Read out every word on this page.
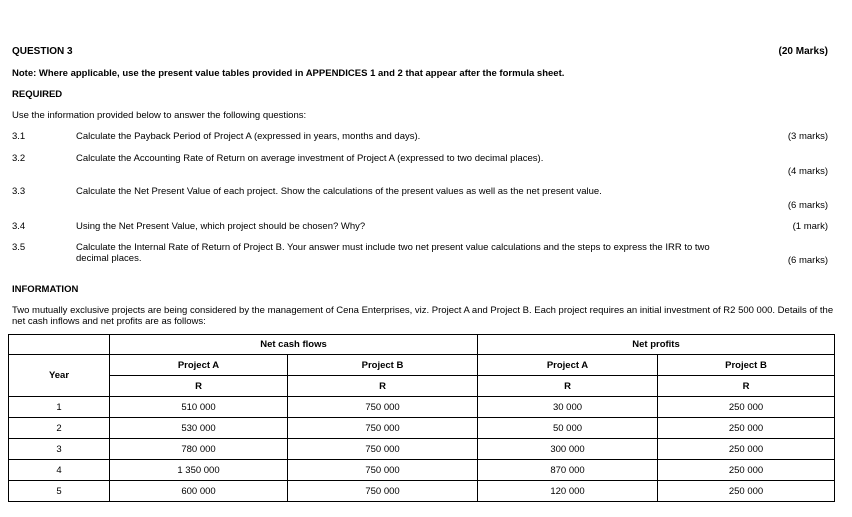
QUESTION 3	(20 Marks)
Note: Where applicable, use the present value tables provided in APPENDICES 1 and 2 that appear after the formula sheet.
REQUIRED
Use the information provided below to answer the following questions:
3.1	Calculate the Payback Period of Project A (expressed in years, months and days).	(3 marks)
3.2	Calculate the Accounting Rate of Return on average investment of Project A (expressed to two decimal places).
(4 marks)
3.3	Calculate the Net Present Value of each project. Show the calculations of the present values as well as the net present value.
(6 marks)
3.4	Using the Net Present Value, which project should be chosen? Why?	(1 mark)
3.5	Calculate the Internal Rate of Return of Project B. Your answer must include two net present value calculations and the steps to express the IRR to two decimal places.	(6 marks)
INFORMATION
Two mutually exclusive projects are being considered by the management of Cena Enterprises, viz. Project A and Project B. Each project requires an initial investment of R2 500 000. Details of the net cash inflows and net profits are as follows:
	Net cash flows		Net profits	
Year	Project A	Project B	Project A	Project B
	R	R	R	R
1	510 000	750 000	30 000	250 000
2	530 000	750 000	50 000	250 000
3	780 000	750 000	300 000	250 000
4	1 350 000	750 000	870 000	250 000
5	600 000	750 000	120 000	250 000
